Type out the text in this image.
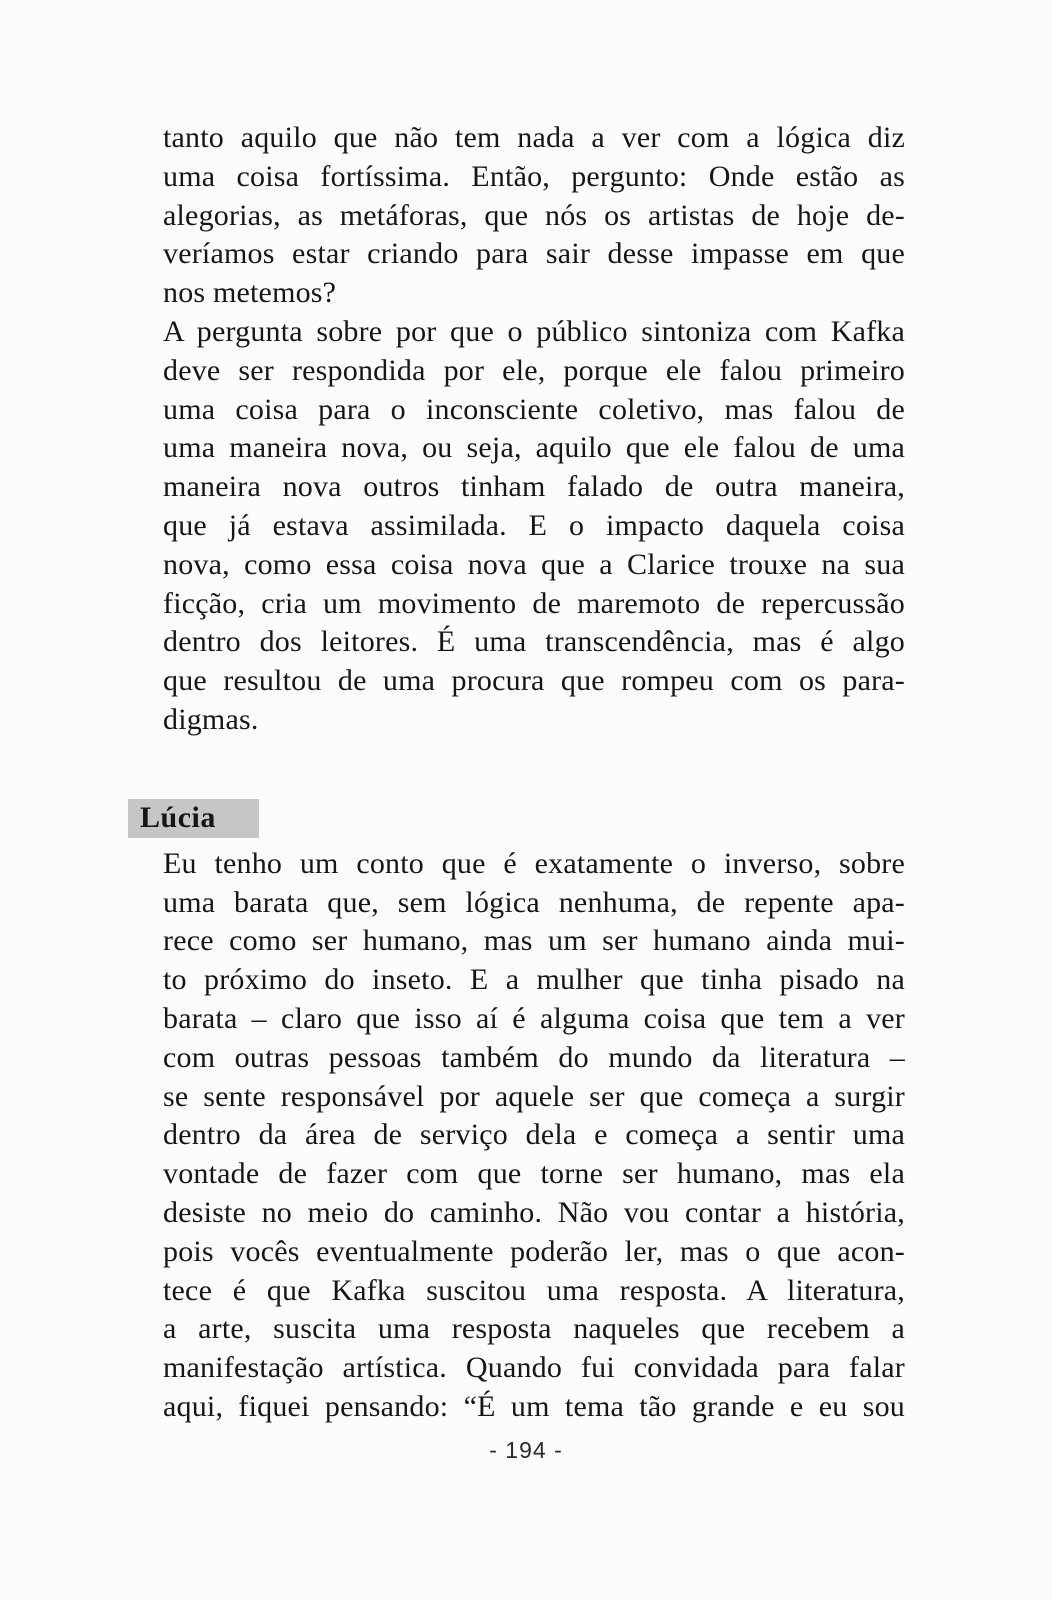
tanto aquilo que não tem nada a ver com a lógica diz
uma coisa fortíssima. Então, pergunto: Onde estão as
alegorias, as metáforas, que nós os artistas de hoje de-
veríamos estar criando para sair desse impasse em que
nos metemos?
A pergunta sobre por que o público sintoniza com Kafka
deve ser respondida por ele, porque ele falou primeiro
uma coisa para o inconsciente coletivo, mas falou de
uma maneira nova, ou seja, aquilo que ele falou de uma
maneira nova outros tinham falado de outra maneira,
que já estava assimilada. E o impacto daquela coisa
nova, como essa coisa nova que a Clarice trouxe na sua
ficção, cria um movimento de maremoto de repercussão
dentro dos leitores. É uma transcendência, mas é algo
que resultou de uma procura que rompeu com os para-
digmas.
Lúcia
Eu tenho um conto que é exatamente o inverso, sobre
uma barata que, sem lógica nenhuma, de repente apa-
rece como ser humano, mas um ser humano ainda mui-
to próximo do inseto. E a mulher que tinha pisado na
barata – claro que isso aí é alguma coisa que tem a ver
com outras pessoas também do mundo da literatura –
se sente responsável por aquele ser que começa a surgir
dentro da área de serviço dela e começa a sentir uma
vontade de fazer com que torne ser humano, mas ela
desiste no meio do caminho. Não vou contar a história,
pois vocês eventualmente poderão ler, mas o que acon-
tece é que Kafka suscitou uma resposta. A literatura,
a arte, suscita uma resposta naqueles que recebem a
manifestação artística. Quando fui convidada para falar
aqui, fiquei pensando: “É um tema tão grande e eu sou
- 194 -
